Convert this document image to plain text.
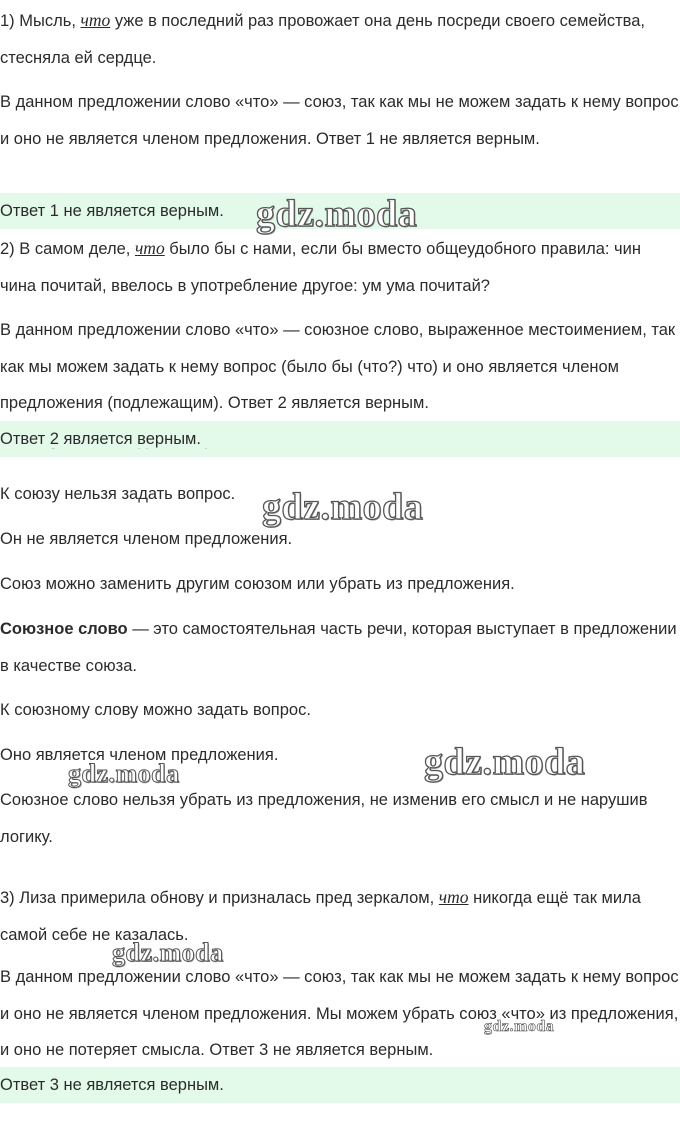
1) Мысль, что уже в последний раз провожает она день посреди своего семейства, стесняла ей сердце.

В данном предложении слово «что» — союз, так как мы не можем задать к нему вопрос и оно не является членом предложения. Ответ 1 не является верным.

Ответ 1 не является верным.

2) В самом деле, что было бы с нами, если бы вместо общеудобного правила: чин чина почитай, ввелось в употребление другое: ум ума почитай?

В данном предложении слово «что» — союзное слово, выраженное местоимением, так как мы можем задать к нему вопрос (было бы (что?) что) и оно является членом предложения (подлежащим). Ответ 2 является верным.

Ответ 2 является верным.

К союзу нельзя задать вопрос.

Он не является членом предложения.

Союз можно заменить другим союзом или убрать из предложения.

Союзное слово — это самостоятельная часть речи, которая выступает в предложении в качестве союза.

К союзному слову можно задать вопрос.

Оно является членом предложения.

Союзное слово нельзя убрать из предложения, не изменив его смысл и не нарушив логику.

3) Лиза примерила обнову и призналась пред зеркалом, что никогда ещё так мила самой себе не казалась.

В данном предложении слово «что» — союз, так как мы не можем задать к нему вопрос и оно не является членом предложения. Мы можем убрать союз «что» из предложения, и оно не потеряет смысла. Ответ 3 не является верным.

Ответ 3 не является верным.
gdz.moda
gdz.moda
gdz.moda
gdz.moda
gdz.moda
gdz.moda
